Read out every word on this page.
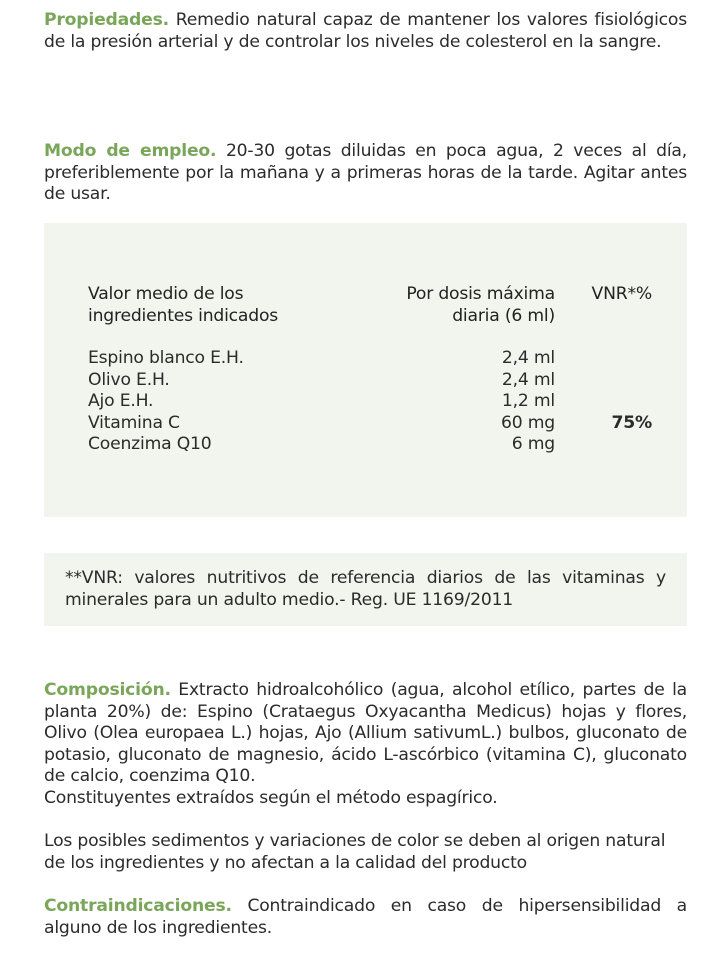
Propiedades. Remedio natural capaz de mantener los valores fisiológicos de la presión arterial y de controlar los niveles de colesterol en la sangre.

Modo de empleo. 20-30 gotas diluidas en poca agua, 2 veces al día, preferiblemente por la mañana y a primeras horas de la tarde. Agitar antes de usar.

Valor medio de los
ingredientes indicados
Por dosis máxima
diaria (6 ml)
VNR*%
Espino blanco E.H.
Olivo E.H.
Ajo E.H.
Vitamina C
Coenzima Q10
2,4 ml
2,4 ml
1,2 ml
60 mg
6 mg
75%

**VNR: valores nutritivos de referencia diarios de las vitaminas y minerales para un adulto medio.- Reg. UE 1169/2011

Composición. Extracto hidroalcohólico (agua, alcohol etílico, partes de la planta 20%) de: Espino (Crataegus Oxyacantha Medicus) hojas y flores, Olivo (Olea europaea L.) hojas, Ajo (Allium sativumL.) bulbos, gluconato de potasio, gluconato de magnesio, ácido L-ascórbico (vitamina C), gluconato de calcio, coenzima Q10.

Constituyentes extraídos según el método espagírico.

Los posibles sedimentos y variaciones de color se deben al origen natural de los ingredientes y no afectan a la calidad del producto

Contraindicaciones. Contraindicado en caso de hipersensibilidad a alguno de los ingredientes.
